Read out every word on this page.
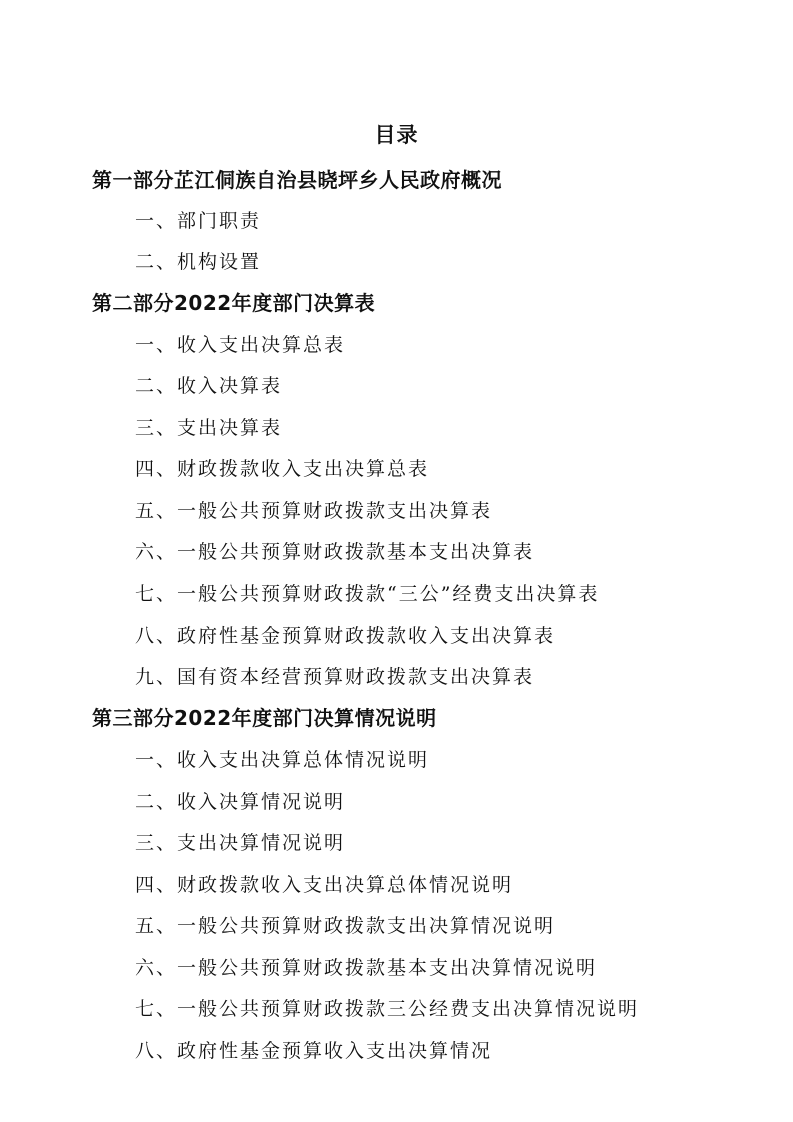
目录
第一部分芷江侗族自治县晓坪乡人民政府概况
一、部门职责
二、机构设置
第二部分2022年度部门决算表
一、收入支出决算总表
二、收入决算表
三、支出决算表
四、财政拨款收入支出决算总表
五、一般公共预算财政拨款支出决算表
六、一般公共预算财政拨款基本支出决算表
七、一般公共预算财政拨款“三公”经费支出决算表
八、政府性基金预算财政拨款收入支出决算表
九、国有资本经营预算财政拨款支出决算表
第三部分2022年度部门决算情况说明
一、收入支出决算总体情况说明
二、收入决算情况说明
三、支出决算情况说明
四、财政拨款收入支出决算总体情况说明
五、一般公共预算财政拨款支出决算情况说明
六、一般公共预算财政拨款基本支出决算情况说明
七、一般公共预算财政拨款三公经费支出决算情况说明
八、政府性基金预算收入支出决算情况
